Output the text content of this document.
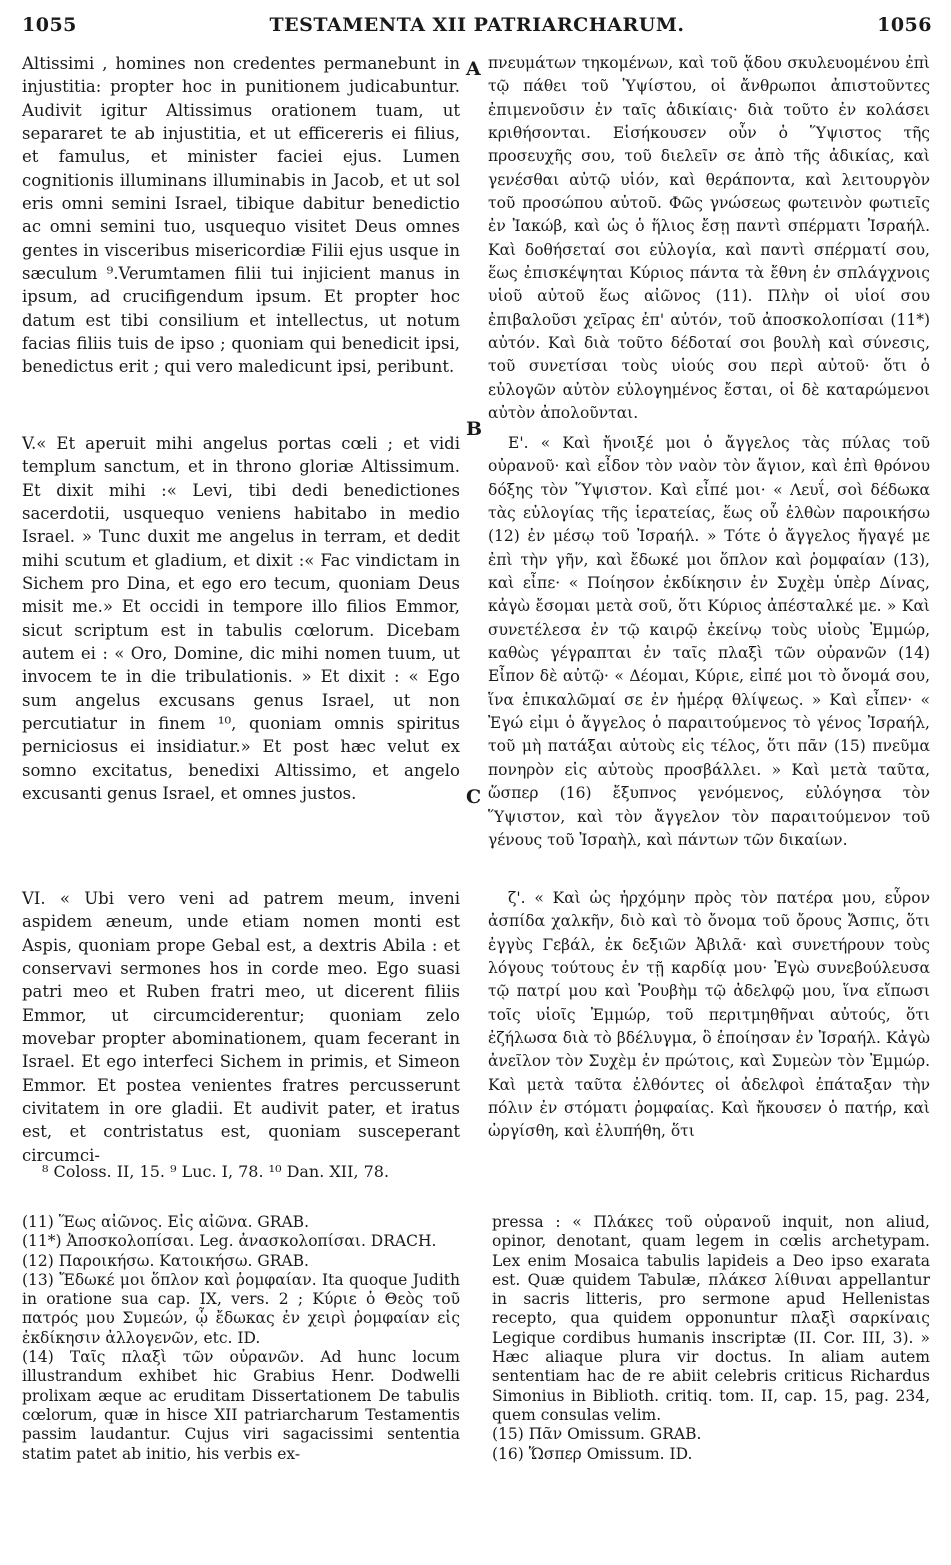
1055	TESTAMENTA XII PATRIARCHARUM.	1056

Altissimi , homines non credentes permanebunt in injustitia: propter hoc in punitionem judicabuntur. Audivit igitur Altissimus orationem tuam, ut separaret te ab injustitia, et ut efficereris ei filius, et famulus, et minister faciei ejus. Lumen cognitionis illuminans illuminabis in Jacob, et ut sol eris omni semini Israel, tibique dabitur benedictio ac omni semini tuo, usquequo visitet Deus omnes gentes in visceribus misericordiæ Filii ejus usque in sæculum ⁹.Verumtamen filii tui injicient manus in ipsum, ad crucifigendum ipsum. Et propter hoc datum est tibi consilium et intellectus, ut notum facias filiis tuis de ipso ; quoniam qui benedicit ipsi, benedictus erit ; qui vero maledicunt ipsi, peribunt.

V.« Et aperuit mihi angelus portas cœli ; et vidi templum sanctum, et in throno gloriæ Altissimum. Et dixit mihi :« Levi, tibi dedi benedictiones sacerdotii, usquequo veniens habitabo in medio Israel. » Tunc duxit me angelus in terram, et dedit mihi scutum et gladium, et dixit :« Fac vindictam in Sichem pro Dina, et ego ero tecum, quoniam Deus misit me.» Et occidi in tempore illo filios Emmor, sicut scriptum est in tabulis cœlorum. Dicebam autem ei : « Oro, Domine, dic mihi nomen tuum, ut invocem te in die tribulationis. » Et dixit : « Ego sum angelus excusans genus Israel, ut non percutiatur in finem ¹⁰, quoniam omnis spiritus perniciosus ei insidiatur.» Et post hæc velut ex somno excitatus, benedixi Altissimo, et angelo excusanti genus Israel, et omnes justos.

VI. « Ubi vero veni ad patrem meum, inveni aspidem æneum, unde etiam nomen monti est Aspis, quoniam prope Gebal est, a dextris Abila : et conservavi sermones hos in corde meo. Ego suasi patri meo et Ruben fratri meo, ut dicerent filiis Emmor, ut circumciderentur; quoniam zelo movebar propter abominationem, quam fecerant in Israel. Et ego interfeci Sichem in primis, et Simeon Emmor. Et postea venientes fratres percusserunt civitatem in ore gladii. Et audivit pater, et iratus est, et contristatus est, quoniam susceperant circumci-

A
B
C

πνευμάτων τηκομένων, καὶ τοῦ ᾅδου σκυλευομένου ἐπὶ τῷ πάθει τοῦ Ὑψίστου, οἱ ἄνθρωποι ἀπιστοῦντες ἐπιμενοῦσιν ἐν ταῖς ἀδικίαις· διὰ τοῦτο ἐν κολάσει κριθήσονται. Εἰσήκουσεν οὖν ὁ Ὕψιστος τῆς προσευχῆς σου, τοῦ διελεῖν σε ἀπὸ τῆς ἀδικίας, καὶ γενέσθαι αὐτῷ υἱόν, καὶ θεράποντα, καὶ λειτουργὸν τοῦ προσώπου αὐτοῦ. Φῶς γνώσεως φωτεινὸν φωτιεῖς ἐν Ἰακώβ, καὶ ὡς ὁ ἥλιος ἔσῃ παντὶ σπέρματι Ἰσραήλ. Καὶ δοθήσεταί σοι εὐλογία, καὶ παντὶ σπέρματί σου, ἕως ἐπισκέψηται Κύριος πάντα τὰ ἔθνη ἐν σπλάγχνοις υἱοῦ αὐτοῦ ἕως αἰῶνος (11). Πλὴν οἱ υἱοί σου ἐπιβαλοῦσι χεῖρας ἐπ' αὐτόν, τοῦ ἀποσκολοπίσαι (11*) αὐτόν. Καὶ διὰ τοῦτο δέδοταί σοι βουλὴ καὶ σύνεσις, τοῦ συνετίσαι τοὺς υἱούς σου περὶ αὐτοῦ· ὅτι ὁ εὐλογῶν αὐτὸν εὐλογημένος ἔσται, οἱ δὲ καταρώμενοι αὐτὸν ἀπολοῦνται.

Ε'. « Καὶ ἤνοιξέ μοι ὁ ἄγγελος τὰς πύλας τοῦ οὐρανοῦ· καὶ εἶδον τὸν ναὸν τὸν ἅγιον, καὶ ἐπὶ θρόνου δόξης τὸν Ὕψιστον. Καὶ εἶπέ μοι· « Λευΐ, σοὶ δέδωκα τὰς εὐλογίας τῆς ἱερατείας, ἕως οὗ ἐλθὼν παροικήσω (12) ἐν μέσῳ τοῦ Ἰσραήλ. » Τότε ὁ ἄγγελος ἤγαγέ με ἐπὶ τὴν γῆν, καὶ ἔδωκέ μοι ὅπλον καὶ ῥομφαίαν (13), καὶ εἶπε· « Ποίησον ἐκδίκησιν ἐν Συχὲμ ὑπὲρ Δίνας, κἀγὼ ἔσομαι μετὰ σοῦ, ὅτι Κύριος ἀπέσταλκέ με. » Καὶ συνετέλεσα ἐν τῷ καιρῷ ἐκείνῳ τοὺς υἱοὺς Ἐμμώρ, καθὼς γέγραπται ἐν ταῖς πλαξὶ τῶν οὐρανῶν (14) Εἶπον δὲ αὐτῷ· « Δέομαι, Κύριε, εἰπέ μοι τὸ ὄνομά σου, ἵνα ἐπικαλῶμαί σε ἐν ἡμέρᾳ θλίψεως. » Καὶ εἶπεν· « Ἐγώ εἰμι ὁ ἄγγελος ὁ παραιτούμενος τὸ γένος Ἰσραήλ, τοῦ μὴ πατάξαι αὐτοὺς εἰς τέλος, ὅτι πᾶν (15) πνεῦμα πονηρὸν εἰς αὐτοὺς προσβάλλει. » Καὶ μετὰ ταῦτα, ὥσπερ (16) ἔξυπνος γενόμενος, εὐλόγησα τὸν Ὕψιστον, καὶ τὸν ἄγγελον τὸν παραιτούμενον τοῦ γένους τοῦ Ἰσραὴλ, καὶ πάντων τῶν δικαίων.

ζ'. « Καὶ ὡς ἠρχόμην πρὸς τὸν πατέρα μου, εὗρον ἀσπίδα χαλκῆν, διὸ καὶ τὸ ὄνομα τοῦ ὄρους Ἄσπις, ὅτι ἐγγὺς Γεβάλ, ἐκ δεξιῶν Ἀβιλᾶ· καὶ συνετήρουν τοὺς λόγους τούτους ἐν τῇ καρδίᾳ μου· Ἐγὼ συνεβούλευσα τῷ πατρί μου καὶ Ῥουβὴμ τῷ ἀδελφῷ μου, ἵνα εἴπωσι τοῖς υἱοῖς Ἐμμώρ, τοῦ περιτμηθῆναι αὐτούς, ὅτι ἐζήλωσα διὰ τὸ βδέλυγμα, ὃ ἐποίησαν ἐν Ἰσραήλ. Κἀγὼ ἀνεῖλον τὸν Συχὲμ ἐν πρώτοις, καὶ Συμεὼν τὸν Ἐμμώρ. Καὶ μετὰ ταῦτα ἐλθόντες οἱ ἀδελφοὶ ἐπάταξαν τὴν πόλιν ἐν στόματι ῥομφαίας. Καὶ ἤκουσεν ὁ πατήρ, καὶ ὠργίσθη, καὶ ἐλυπήθη, ὅτι

⁸ Coloss. II, 15. ⁹ Luc. I, 78. ¹⁰ Dan. XII, 78.

(11) Ἕως αἰῶνος. Εἰς αἰῶνα. GRAB.

(11*) Ἀποσκολοπίσαι. Leg. ἀνασκολοπίσαι. DRACH.

(12) Παροικήσω. Κατοικήσω. GRAB.

(13) Ἔδωκέ μοι ὅπλον καὶ ῥομφαίαν. Ita quoque Judith in oratione sua cap. IX, vers. 2 ; Κύριε ὁ Θεὸς τοῦ πατρός μου Συμεών, ᾧ ἔδωκας ἐν χειρὶ ῥομφαίαν εἰς ἐκδίκησιν ἀλλογενῶν, etc. ID.

(14) Ταῖς πλαξὶ τῶν οὐρανῶν. Ad hunc locum illustrandum exhibet hic Grabius Henr. Dodwelli prolixam æque ac eruditam Dissertationem De tabulis cœlorum, quæ in hisce XII patriarcharum Testamentis passim laudantur. Cujus viri sagacissimi sententia statim patet ab initio, his verbis ex-

pressa : « Πλάκες τοῦ οὐρανοῦ inquit, non aliud, opinor, denotant, quam legem in cœlis archetypam. Lex enim Mosaica tabulis lapideis a Deo ipso exarata est. Quæ quidem Tabulæ, πλάκεσ λίθιναι appellantur in sacris litteris, pro sermone apud Hellenistas recepto, qua quidem opponuntur πλαξὶ σαρκίναις Legique cordibus humanis inscriptæ (II. Cor. III, 3). » Hæc aliaque plura vir doctus. In aliam autem sententiam hac de re abiit celebris criticus Richardus Simonius in Biblioth. critiq. tom. II, cap. 15, pag. 234, quem consulas velim.

(15) Πᾶν Omissum. GRAB.

(16) Ὥσπερ Omissum. ID.
